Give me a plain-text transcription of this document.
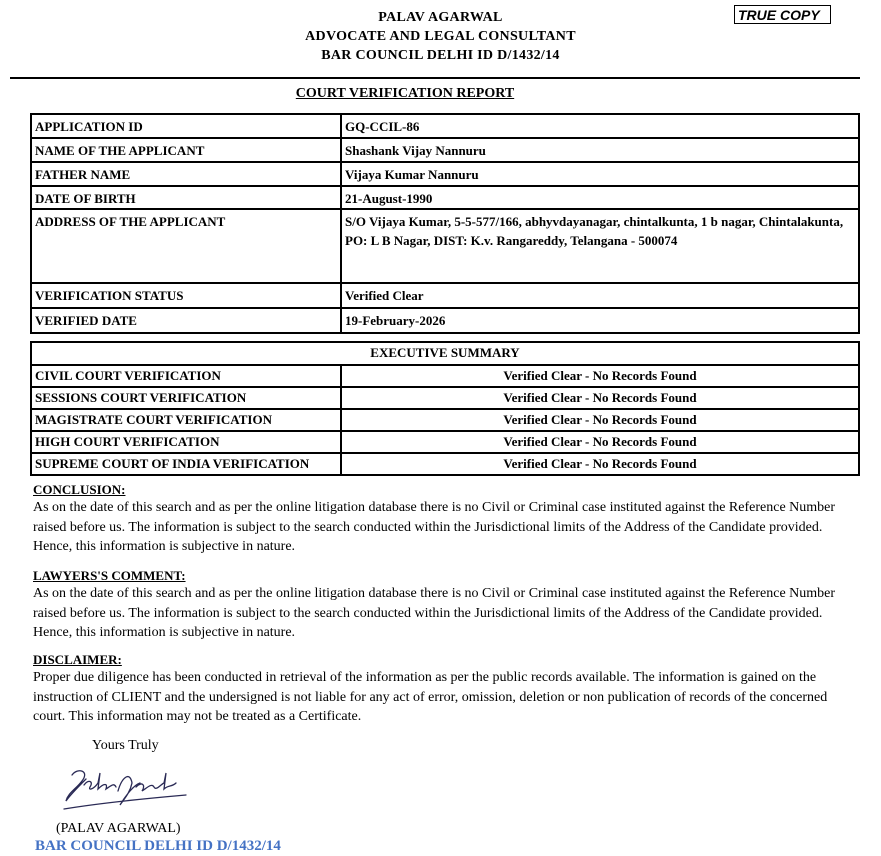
PALAV AGARWAL
ADVOCATE AND LEGAL CONSULTANT
BAR COUNCIL DELHI ID D/1432/14
TRUE COPY
COURT VERIFICATION REPORT
APPLICATION ID	GQ-CCIL-86
NAME OF THE APPLICANT	Shashank Vijay Nannuru
FATHER NAME	Vijaya Kumar Nannuru
DATE OF BIRTH	21-August-1990
ADDRESS OF THE APPLICANT	S/O Vijaya Kumar, 5-5-577/166, abhyvdayanagar, chintalkunta, 1 b nagar, Chintalakunta, PO: L B Nagar, DIST: K.v. Rangareddy, Telangana - 500074
VERIFICATION STATUS	Verified Clear
VERIFIED DATE	19-February-2026
EXECUTIVE SUMMARY	
CIVIL COURT VERIFICATION	Verified Clear - No Records Found
SESSIONS COURT VERIFICATION	Verified Clear - No Records Found
MAGISTRATE COURT VERIFICATION	Verified Clear - No Records Found
HIGH COURT VERIFICATION	Verified Clear - No Records Found
SUPREME COURT OF INDIA VERIFICATION	Verified Clear - No Records Found
CONCLUSION:
As on the date of this search and as per the online litigation database there is no Civil or Criminal case instituted against the Reference Number raised before us. The information is subject to the search conducted within the Jurisdictional limits of the Address of the Candidate provided. Hence, this information is subjective in nature.
LAWYERS'S COMMENT:
As on the date of this search and as per the online litigation database there is no Civil or Criminal case instituted against the Reference Number raised before us. The information is subject to the search conducted within the Jurisdictional limits of the Address of the Candidate provided. Hence, this information is subjective in nature.
DISCLAIMER:
Proper due diligence has been conducted in retrieval of the information as per the public records available. The information is gained on the instruction of CLIENT and the undersigned is not liable for any act of error, omission, deletion or non publication of records of the concerned court. This information may not be treated as a Certificate.
Yours Truly
(PALAV AGARWAL)
BAR COUNCIL DELHI ID D/1432/14
